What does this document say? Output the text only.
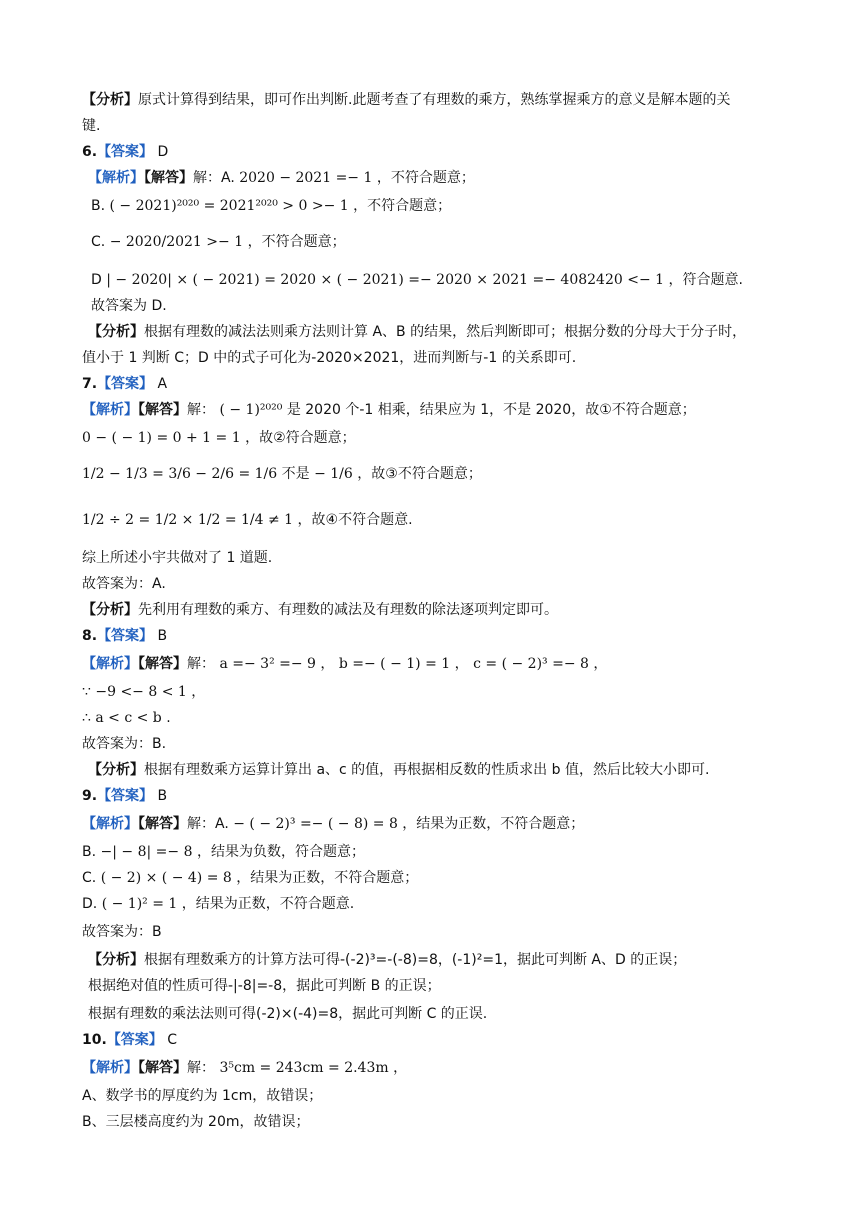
【分析】原式计算得到结果，即可作出判断.此题考查了有理数的乘方，熟练掌握乘方的意义是解本题的关
键.
6.【答案】 D
【解析】【解答】解：A. 2020 − 2021 =− 1 ，不符合题意；
B. ( − 2021)²⁰²⁰ = 2021²⁰²⁰ > 0 >− 1 ，不符合题意；
C. − 2020/2021 >− 1 ，不符合题意；
D | − 2020| × ( − 2021) = 2020 × ( − 2021) =− 2020 × 2021 =− 4082420 <− 1 ，符合题意.
故答案为 D.
【分析】根据有理数的减法法则乘方法则计算 A、B 的结果，然后判断即可；根据分数的分母大于分子时，
值小于 1 判断 C；D 中的式子可化为-2020×2021，进而判断与-1 的关系即可.
7.【答案】 A
【解析】【解答】解： ( − 1)²⁰²⁰ 是 2020 个-1 相乘，结果应为 1，不是 2020，故①不符合题意；
0 − ( − 1) = 0 + 1 = 1 ，故②符合题意；
1/2 − 1/3 = 3/6 − 2/6 = 1/6 不是 − 1/6 ，故③不符合题意；
1/2 ÷ 2 = 1/2 × 1/2 = 1/4 ≠ 1 ，故④不符合题意.
综上所述小宇共做对了 1 道题.
故答案为：A.
【分析】先利用有理数的乘方、有理数的减法及有理数的除法逐项判定即可。
8.【答案】 B
【解析】【解答】解： a =− 3² =− 9 ， b =− ( − 1) = 1 ， c = ( − 2)³ =− 8 ，
∵ −9 <− 8 < 1 ，
∴ a < c < b .
故答案为：B.
【分析】根据有理数乘方运算计算出 a、c 的值，再根据相反数的性质求出 b 值，然后比较大小即可.
9.【答案】 B
【解析】【解答】解：A. − ( − 2)³ =− ( − 8) = 8 ，结果为正数，不符合题意；
B. −| − 8| =− 8 ，结果为负数，符合题意；
C. ( − 2) × ( − 4) = 8 ，结果为正数，不符合题意；
D. ( − 1)² = 1 ，结果为正数，不符合题意.
故答案为：B
【分析】根据有理数乘方的计算方法可得-(-2)³=-(-8)=8，(-1)²=1，据此可判断 A、D 的正误；
根据绝对值的性质可得-|-8|=-8，据此可判断 B 的正误；
根据有理数的乘法法则可得(-2)×(-4)=8，据此可判断 C 的正误.
10.【答案】 C
【解析】【解答】解： 3⁵cm = 243cm = 2.43m ，
A、数学书的厚度约为 1cm，故错误；
B、三层楼高度约为 20m，故错误；
